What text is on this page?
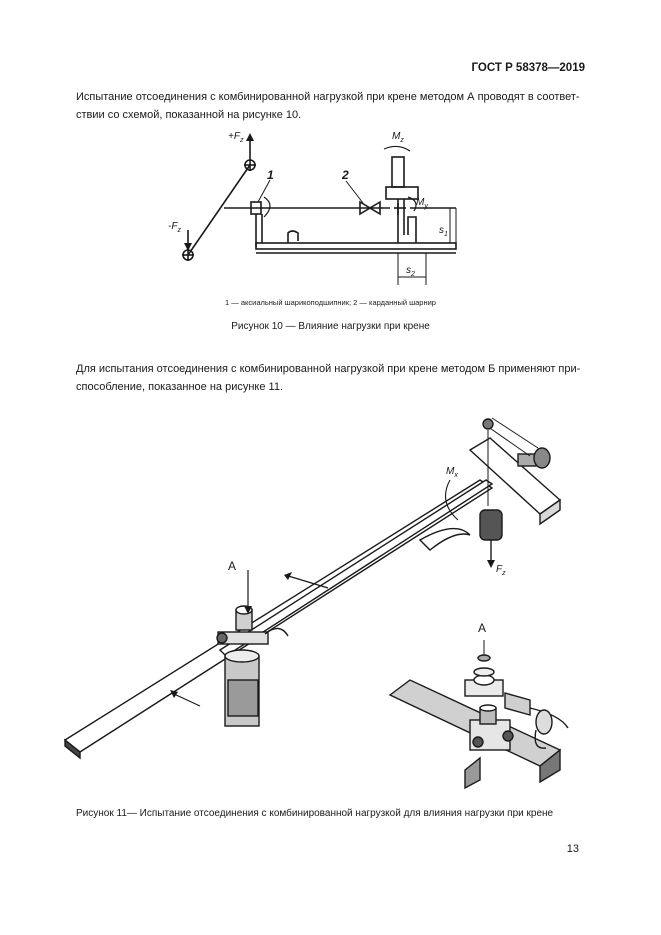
ГОСТ Р 58378—2019
Испытание отсоединения с комбинированной нагрузкой при крене методом А проводят в соответ-
ствии со схемой, показанной на рисунке 10.
$+F_z$
$-F_z$
$M_z$
$M_y$
1	2
$s_1$
$s_2$
1 — аксиальный шарикоподшипник; 2 — карданный шарнир
Рисунок 10 — Влияние нагрузки при крене
Для испытания отсоединения с комбинированной нагрузкой при крене методом Б применяют при-
способление, показанное на рисунке 11.
A
A
$M_x$
$F_z$
Рисунок 11— Испытание отсоединения с комбинированной нагрузкой для влияния нагрузки при крене
13
